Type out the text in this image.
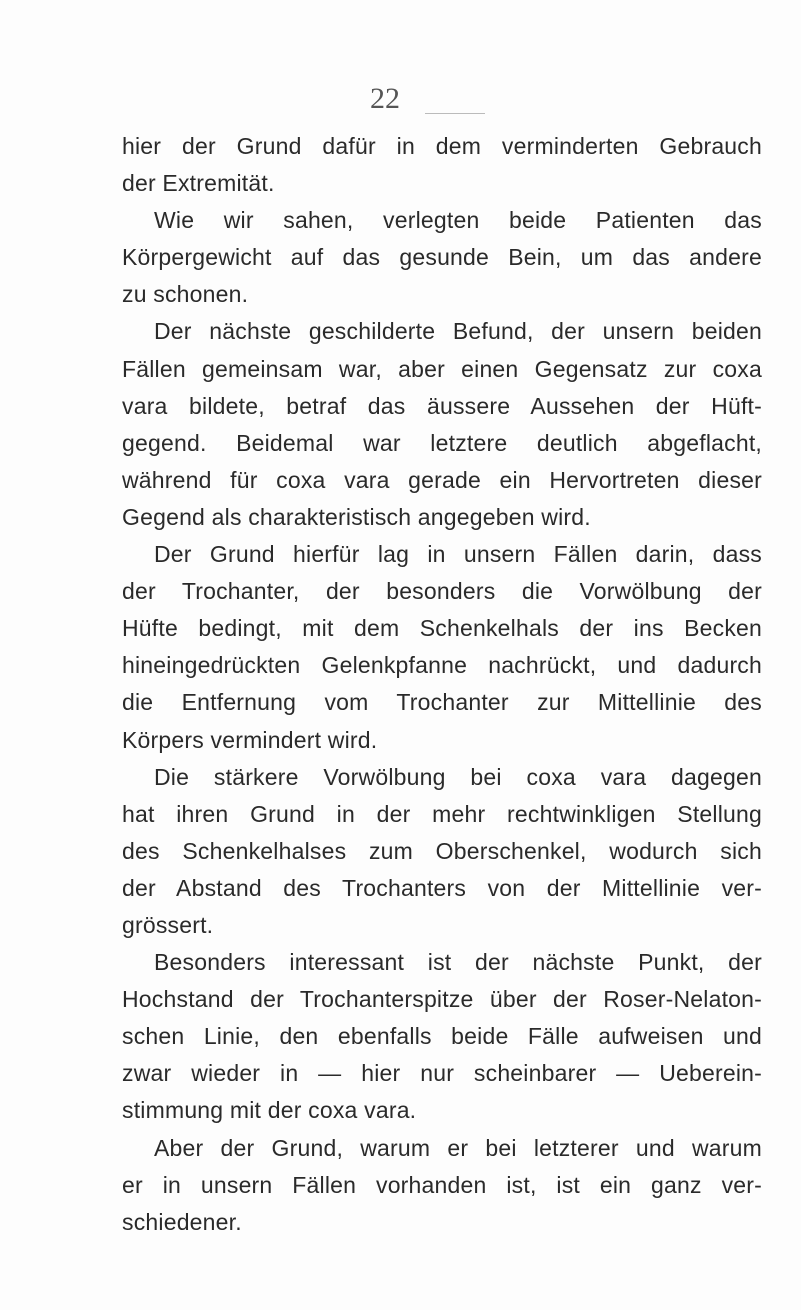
22
hier der Grund dafür in dem verminderten Gebrauch
der Extremität.
Wie wir sahen, verlegten beide Patienten das
Körpergewicht auf das gesunde Bein, um das andere
zu schonen.
Der nächste geschilderte Befund, der unsern beiden
Fällen gemeinsam war, aber einen Gegensatz zur coxa
vara bildete, betraf das äussere Aussehen der Hüft-
gegend. Beidemal war letztere deutlich abgeflacht,
während für coxa vara gerade ein Hervortreten dieser
Gegend als charakteristisch angegeben wird.
Der Grund hierfür lag in unsern Fällen darin, dass
der Trochanter, der besonders die Vorwölbung der
Hüfte bedingt, mit dem Schenkelhals der ins Becken
hineingedrückten Gelenkpfanne nachrückt, und dadurch
die Entfernung vom Trochanter zur Mittellinie des
Körpers vermindert wird.
Die stärkere Vorwölbung bei coxa vara dagegen
hat ihren Grund in der mehr rechtwinkligen Stellung
des Schenkelhalses zum Oberschenkel, wodurch sich
der Abstand des Trochanters von der Mittellinie ver-
grössert.
Besonders interessant ist der nächste Punkt, der
Hochstand der Trochanterspitze über der Roser-Nelaton-
schen Linie, den ebenfalls beide Fälle aufweisen und
zwar wieder in — hier nur scheinbarer — Ueberein-
stimmung mit der coxa vara.
Aber der Grund, warum er bei letzterer und warum
er in unsern Fällen vorhanden ist, ist ein ganz ver-
schiedener.
